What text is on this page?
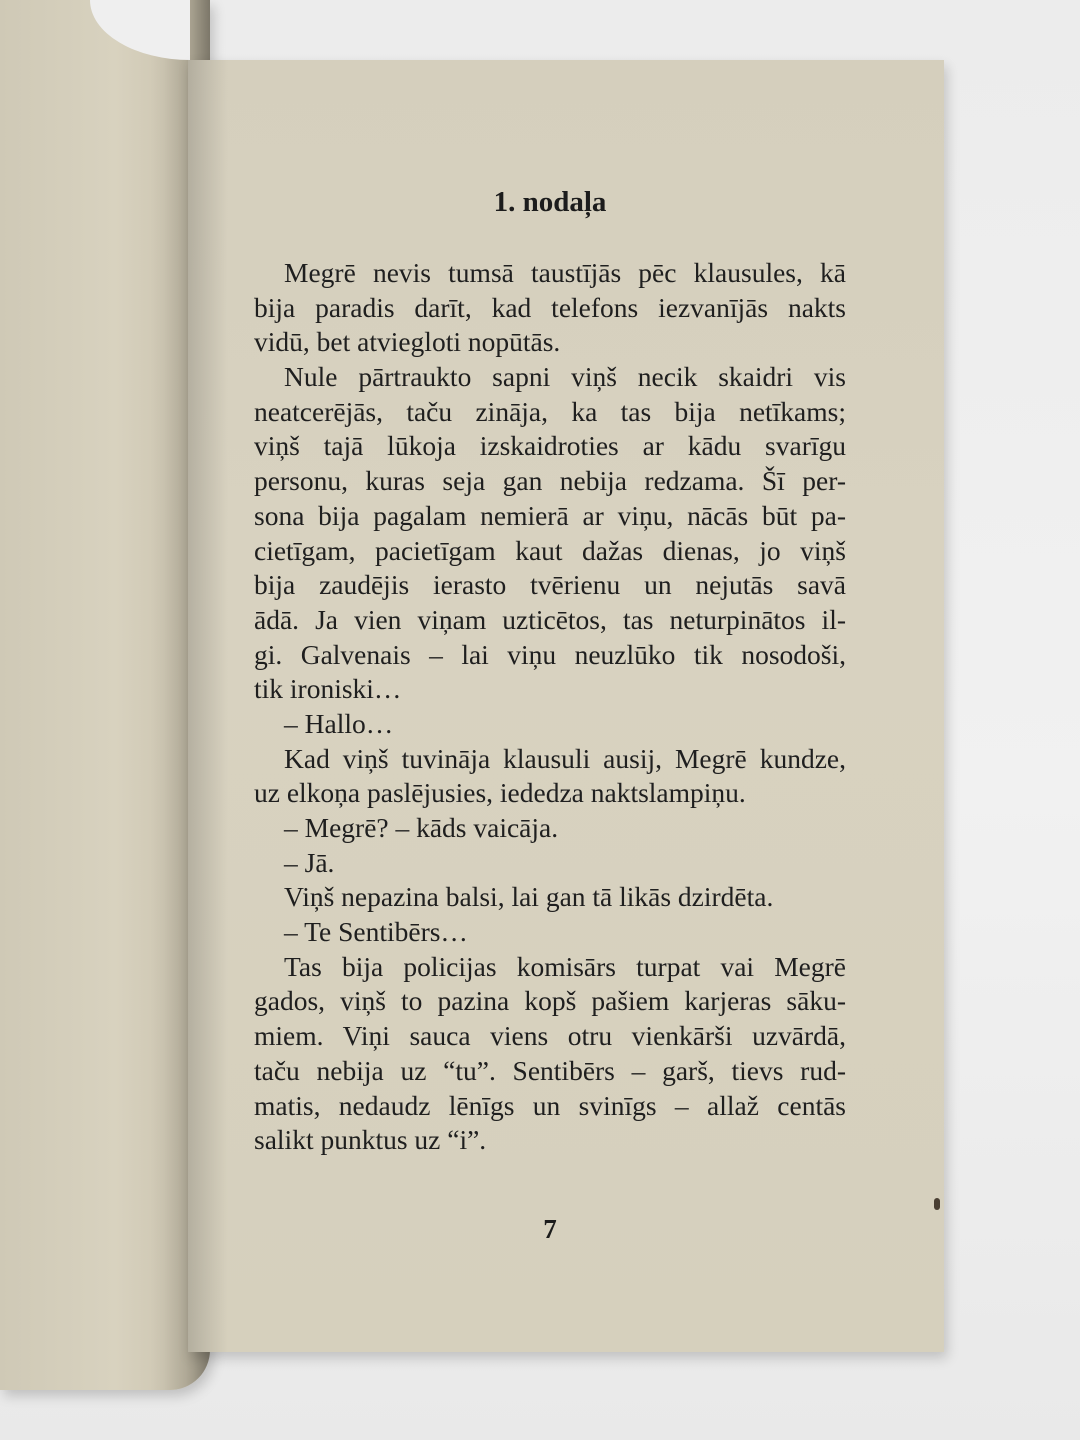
1. nodaļa
Megrē nevis tumsā taustījās pēc klausules, kā
bija paradis darīt, kad telefons iezvanījās nakts
vidū, bet atviegloti nopūtās.
Nule pārtraukto sapni viņš necik skaidri vis
neatcerējās, taču zināja, ka tas bija netīkams;
viņš tajā lūkoja izskaidroties ar kādu svarīgu
personu, kuras seja gan nebija redzama. Šī per-
sona bija pagalam nemierā ar viņu, nācās būt pa-
cietīgam, pacietīgam kaut dažas dienas, jo viņš
bija zaudējis ierasto tvērienu un nejutās savā
ādā. Ja vien viņam uzticētos, tas neturpinātos il-
gi. Galvenais – lai viņu neuzlūko tik nosodoši,
tik ironiski…
– Hallo…
Kad viņš tuvināja klausuli ausij, Megrē kundze,
uz elkoņa paslējusies, iededza naktslampiņu.
– Megrē? – kāds vaicāja.
– Jā.
Viņš nepazina balsi, lai gan tā likās dzirdēta.
– Te Sentibērs…
Tas bija policijas komisārs turpat vai Megrē
gados, viņš to pazina kopš pašiem karjeras sāku-
miem. Viņi sauca viens otru vienkārši uzvārdā,
taču nebija uz “tu”. Sentibērs – garš, tievs rud-
matis, nedaudz lēnīgs un svinīgs – allaž centās
salikt punktus uz “i”.
7
